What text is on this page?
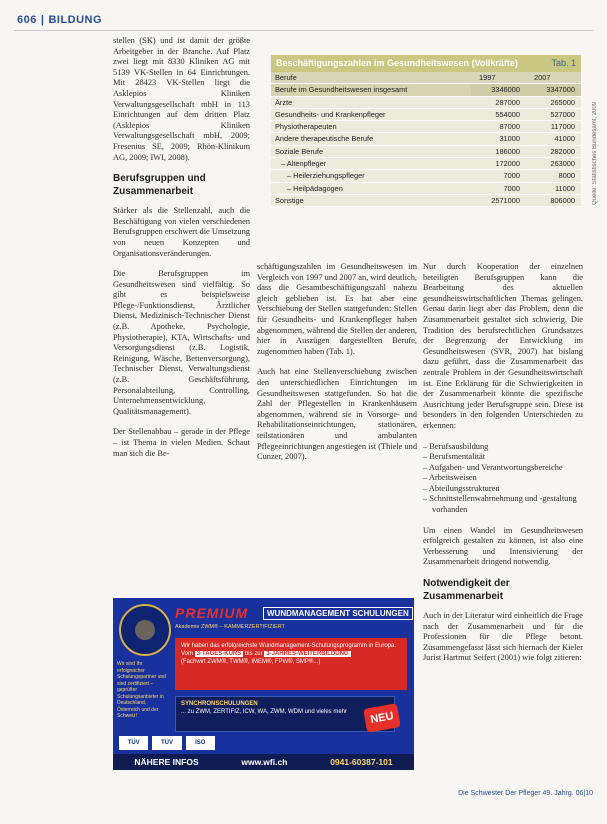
606 | BILDUNG

stellen (SK) und ist damit der größte Arbeitgeber in der Branche. Auf Platz zwei liegt mit 8330 Kliniken AG mit 5139 VK-Stellen in 64 Einrichtungen. Mit 28423 VK-Stellen liegt die Asklepios Kliniken Verwaltungsgesellschaft mbH in 113 Einrichtungen auf dem dritten Platz (Asklepios Kliniken Verwaltungsgesellschaft mbH, 2009; Fresenius SE, 2009; Rhön-Klinikum AG, 2009; IWI, 2008).

Berufsgruppen und Zusammenarbeit

Stärker als die Stellenzahl, auch die Beschäftigung von vielen verschiedenen Berufsgruppen erschwert die Umsetzung von neuen Konzepten und Organisationsveränderungen.

Die Berufsgruppen im Gesundheitswesen sind vielfältig. So gibt es beispielsweise Pflege-/Funktionsdienst, Ärztlicher Dienst, Medizinisch-Technischer Dienst (z.B. Apotheke, Psychologie, Physiotherapie), KTA, Wirtschafts- und Versorgungsdienst (z.B. Logistik, Reinigung, Wäsche, Bettenversorgung), Technischer Dienst, Verwaltungsdienst (z.B. Geschäftsführung, Personalabteilung, Controlling, Unternehmensentwicklung, Qualitätsmanagement).

Der Stellenabbau – gerade in der Pflege – ist Thema in vielen Medien. Schaut man sich die Be-

Beschäftigungszahlen im Gesundheitswesen (Vollkräfte)	Tab. 1
Berufe	1997	2007
Berufe im Gesundheitswesen insgesamt	3346000	3347000
Ärzte	287000	265000
Gesundheits- und Krankenpfleger	554000	527000
Physiotherapeuten	87000	117000
Andere therapeutische Berufe	31000	41000
Soziale Berufe	186000	282000
– Altenpfleger	172000	263000
– Heilerziehungspfleger	7000	8000
– Heilpädagogen	7000	11000
Sonstige	2571000	806000	Quelle: Statistisches Bundesamt, 2009

schäftigungszahlen im Gesundheitswesen im Vergleich von 1997 und 2007 an, wird deutlich, dass die Gesamtbeschäftigungszahl nahezu gleich geblieben ist. Es hat aber eine Verschiebung der Stellen stattgefunden: Stellen für Gesundheits- und Krankenpfleger haben abgenommen, während die Stellen der anderen, hier in Auszügen dargestellten Berufe, zugenommen haben (Tab. 1).

Auch hat eine Stellenverschiebung zwischen den unterschiedlichen Einrichtungen im Gesundheitswesen stattgefunden. So hat die Zahl der Pflegestellen in Krankenhäusern abgenommen, während sie in Vorsorge- und Rehabilitationseinrichtungen, stationären, teilstationären und ambulanten Pflegeeinrichtungen angestiegen ist (Thiele und Cunzer, 2007).

Nur durch Kooperation der einzelnen beteiligten Berufsgruppen kann die Bearbeitung des aktuellen gesundheitswirtschaftlichen Themas gelingen. Genau darin liegt aber das Problem, denn die Zusammenarbeit gestaltet sich schwierig. Die Tradition des berufsrechtlichen Grundsatzes der Begrenzung der Entwicklung im Gesundheitswesen (SVR, 2007) hat bislang dazu geführt, dass die Zusammenarbeit das zentrale Problem in der Gesundheitswirtschaft ist. Eine Erklärung für die Schwierigkeiten in der Zusammenarbeit könnte die spezifische Ausrichtung jeder Berufsgruppe sein. Diese ist besonders in den folgenden Unterschieden zu erkennen:

– Berufsausbildung
– Berufsmentalität
– Aufgaben- und Verantwortungsbereiche
– Arbeitsweisen
– Abteilungsstrukturen
– Schnittstellenwahrnehmung und -gestaltung
vorhanden

Um einen Wandel im Gesundheitswesen erfolgreich gestalten zu können, ist also eine Verbesserung und Intensivierung der Zusammenarbeit dringend notwendig.

Notwendigkeit der Zusammenarbeit

Auch in der Literatur wird einheitlich die Frage nach der Zusammenarbeit und für die Professionen für die Pflege betont. Zusammengefasst lässt sich hiernach der Kieler Jurist Hartmut Seifert (2001) wie folgt zitieren:

PREMIUM	WUNDMANAGEMENT SCHULUNGEN
Akademie ZWM® – KAMMERZERTIFIZIERT
Wir sind Ihr erfolgreicher Schulungspartner und sind zertifiziert – geprüfter Schulungsanbieter in Deutschland, Österreich und der Schweiz!
Wir haben das erfolgreichste Wundmanagement-Schulungsprogramm in Europa.
Vom 3-TAGES-KURS bis zur 3-JAHRES-WEITERBILDUNG
(Fachwirt ZWM®, TWM®, IMEM®, FPW®, SMP®...)
SYNCHRONSCHULUNGEN
... zu ZWM, ZERTIFIZ, ICW, WA, ZWM, WDM und vieles mehr	NEU
TÜV	TÜV	ISO
NÄHERE INFOS	www.wfi.ch	0941-60387-101
Die Schwester Der Pfleger 49. Jahrg. 06|10
